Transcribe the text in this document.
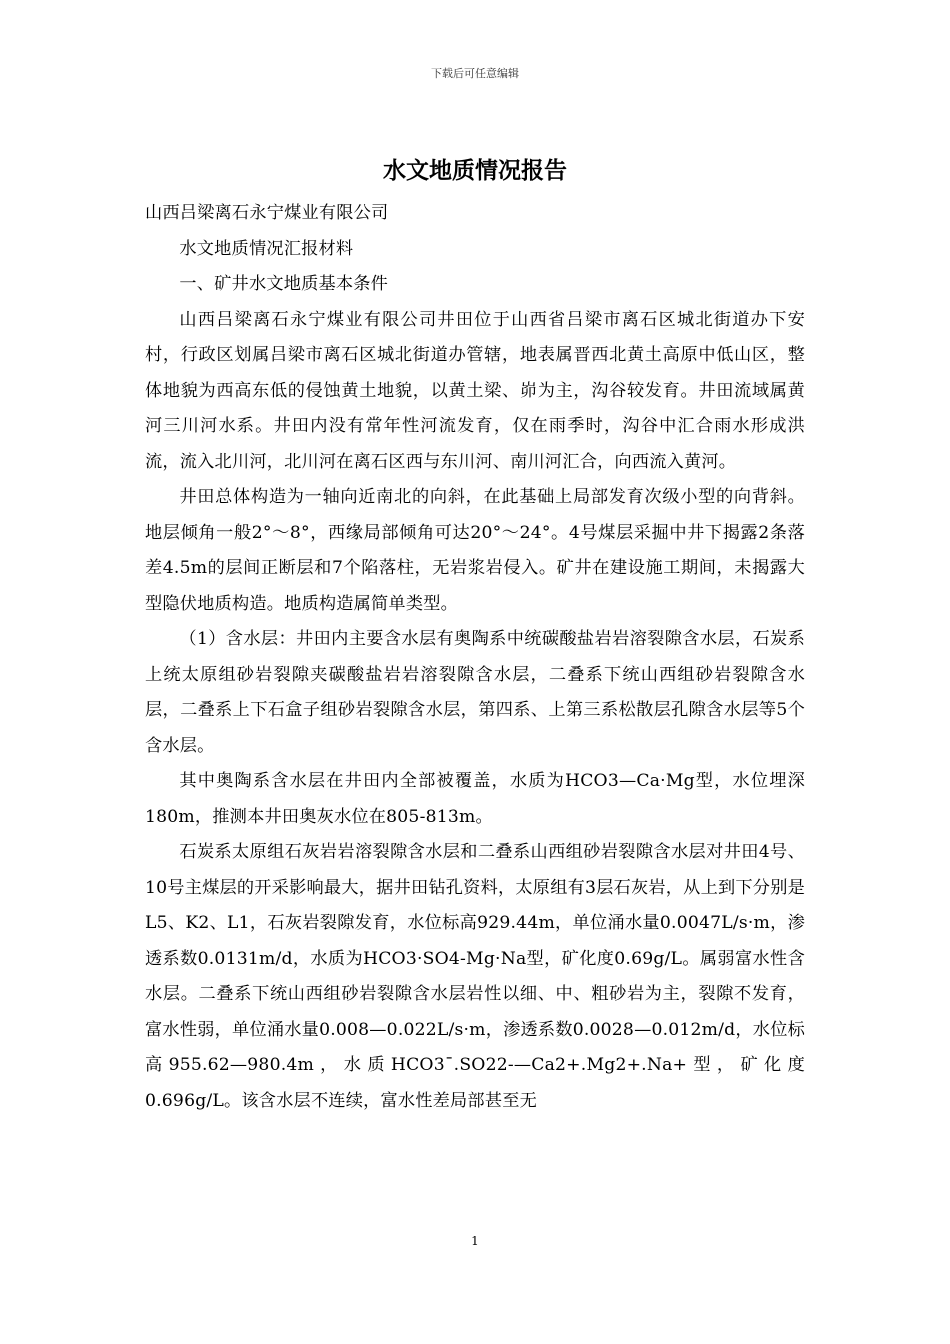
下载后可任意编辑
水文地质情况报告

山西吕梁离石永宁煤业有限公司

水文地质情况汇报材料

一、矿井水文地质基本条件

山西吕梁离石永宁煤业有限公司井田位于山西省吕梁市离石区城北街道办下安村，行政区划属吕梁市离石区城北街道办管辖，地表属晋西北黄土高原中低山区，整体地貌为西高东低的侵蚀黄土地貌，以黄土梁、峁为主，沟谷较发育。井田流域属黄河三川河水系。井田内没有常年性河流发育，仅在雨季时，沟谷中汇合雨水形成洪流，流入北川河，北川河在离石区西与东川河、南川河汇合，向西流入黄河。

井田总体构造为一轴向近南北的向斜，在此基础上局部发育次级小型的向背斜。地层倾角一般2°～8°，西缘局部倾角可达20°～24°。4号煤层采掘中井下揭露2条落差4.5m的层间正断层和7个陷落柱，无岩浆岩侵入。矿井在建设施工期间，未揭露大型隐伏地质构造。地质构造属简单类型。

（1）含水层：井田内主要含水层有奥陶系中统碳酸盐岩岩溶裂隙含水层，石炭系上统太原组砂岩裂隙夹碳酸盐岩岩溶裂隙含水层，二叠系下统山西组砂岩裂隙含水层，二叠系上下石盒子组砂岩裂隙含水层，第四系、上第三系松散层孔隙含水层等5个含水层。

其中奥陶系含水层在井田内全部被覆盖，水质为HCO3—Ca·Mg型，水位埋深180m，推测本井田奥灰水位在805-813m。

石炭系太原组石灰岩岩溶裂隙含水层和二叠系山西组砂岩裂隙含水层对井田4号、10号主煤层的开采影响最大，据井田钻孔资料，太原组有3层石灰岩，从上到下分别是L5、K2、L1，石灰岩裂隙发育，水位标高929.44m，单位涌水量0.0047L/s·m，渗透系数0.0131m/d，水质为HCO3·SO4-Mg·Na型，矿化度0.69g/L。属弱富水性含水层。二叠系下统山西组砂岩裂隙含水层岩性以细、中、粗砂岩为主，裂隙不发育，富水性弱，单位涌水量0.008—0.022L/s·m，渗透系数0.0028—0.012m/d，水位标高955.62—980.4m，水质HCO3ˉ.SO22-—Ca2+.Mg2+.Na+型，矿化度0.696g/L。该含水层不连续，富水性差局部甚至无

1
